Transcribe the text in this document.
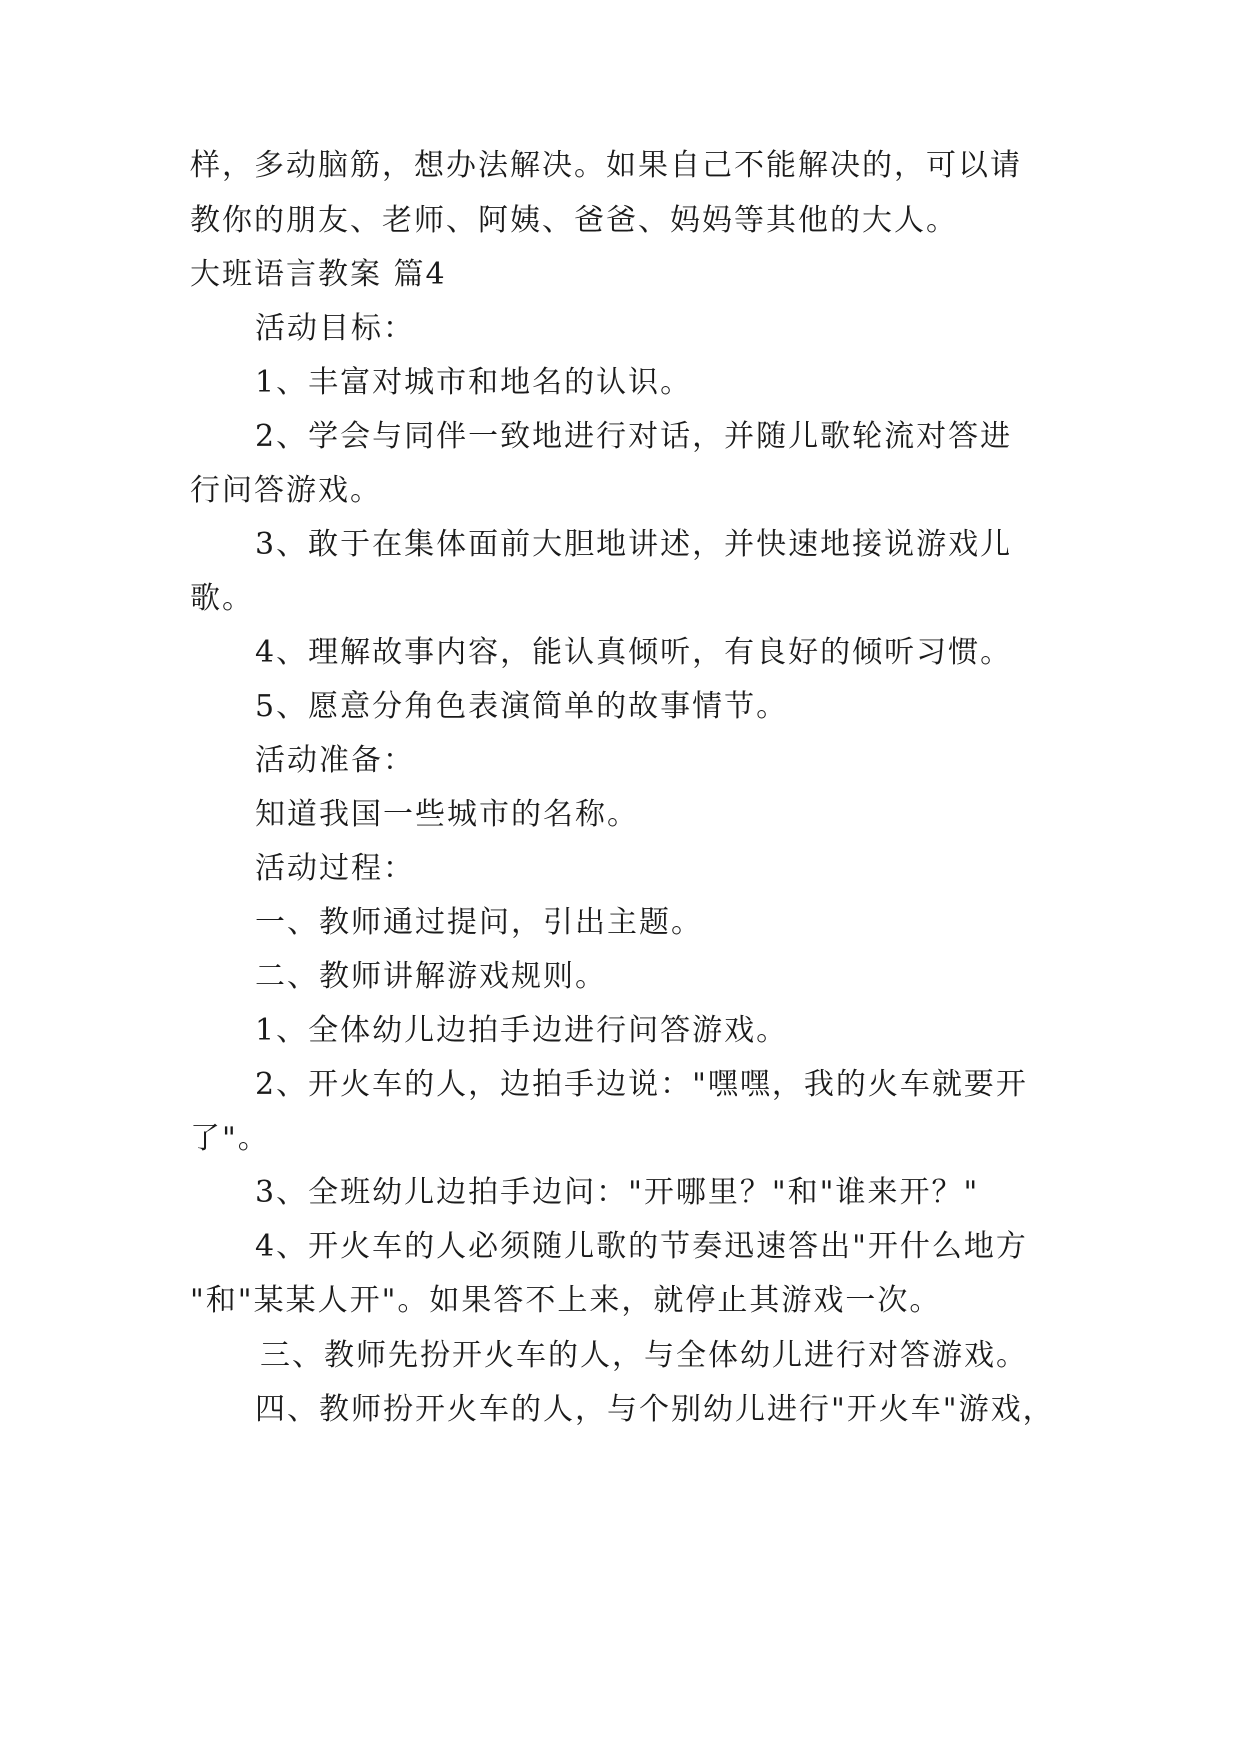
样，多动脑筋，想办法解决。如果自己不能解决的，可以请
教你的朋友、老师、阿姨、爸爸、妈妈等其他的大人。
大班语言教案 篇4
活动目标：
1、丰富对城市和地名的认识。
2、学会与同伴一致地进行对话，并随儿歌轮流对答进
行问答游戏。
3、敢于在集体面前大胆地讲述，并快速地接说游戏儿
歌。
4、理解故事内容，能认真倾听，有良好的倾听习惯。
5、愿意分角色表演简单的故事情节。
活动准备：
知道我国一些城市的名称。
活动过程：
一、教师通过提问，引出主题。
二、教师讲解游戏规则。
1、全体幼儿边拍手边进行问答游戏。
2、开火车的人，边拍手边说："嘿嘿，我的火车就要开
了"。
3、全班幼儿边拍手边问："开哪里？"和"谁来开？"
4、开火车的人必须随儿歌的节奏迅速答出"开什么地方
"和"某某人开"。如果答不上来，就停止其游戏一次。
三、教师先扮开火车的人，与全体幼儿进行对答游戏。
四、教师扮开火车的人，与个别幼儿进行"开火车"游戏，
